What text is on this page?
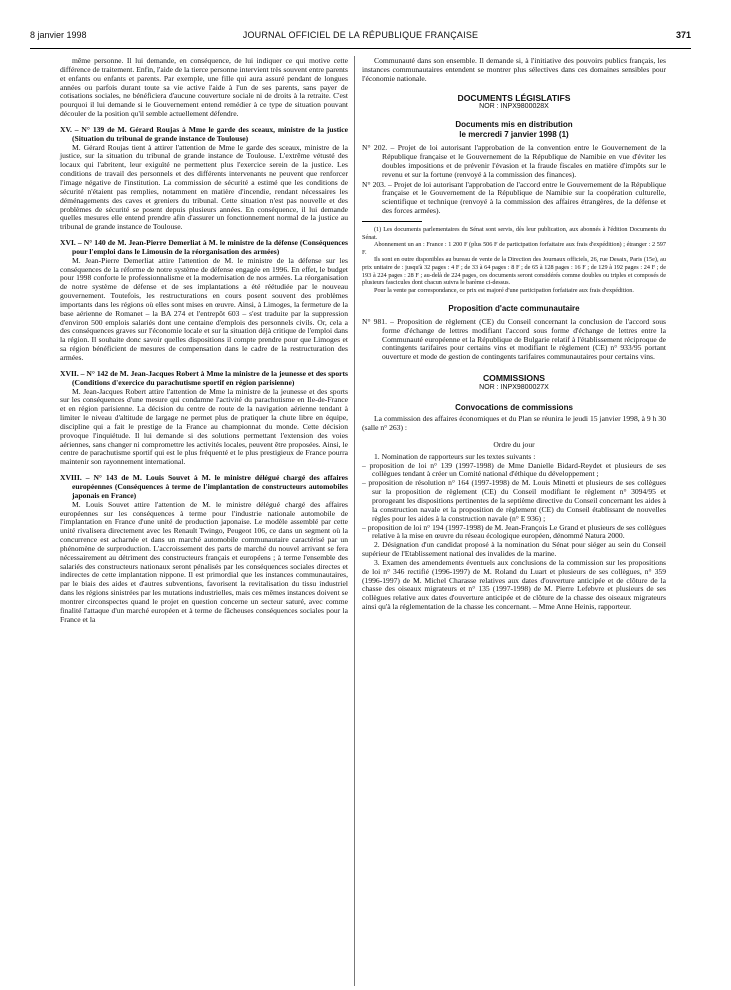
8 janvier 1998	JOURNAL OFFICIEL DE LA RÉPUBLIQUE FRANÇAISE	371

même personne. Il lui demande, en conséquence, de lui indiquer ce qui motive cette différence de traitement. Enfin, l'aide de la tierce personne intervient très souvent entre parents et enfants ou enfants et parents. Par exemple, une fille qui aura assuré pendant de longues années ou parfois durant toute sa vie active l'aide à l'un de ses parents, sans payer de cotisations sociales, ne bénéficiera d'aucune couverture sociale ni de droits à la retraite. C'est pourquoi il lui demande si le Gouvernement entend remédier à ce type de situation pouvant découler de la position qu'il semble actuellement défendre.

XV. – N° 139 de M. Gérard Roujas à Mme le garde des sceaux, ministre de la justice (Situation du tribunal de grande instance de Toulouse)

M. Gérard Roujas tient à attirer l'attention de Mme le garde des sceaux, ministre de la justice, sur la situation du tribunal de grande instance de Toulouse. L'extrême vétusté des locaux qui l'abritent, leur exiguïté ne permettent plus l'exercice serein de la justice. Les conditions de travail des personnels et des différents intervenants ne peuvent que renforcer l'image négative de l'institution. La commission de sécurité a estimé que les conditions de sécurité n'étaient pas remplies, notamment en matière d'incendie, rendant nécessaires les déménagements des caves et greniers du tribunal. Cette situation n'est pas nouvelle et des problèmes de sécurité se posent depuis plusieurs années. En conséquence, il lui demande quelles mesures elle entend prendre afin d'assurer un fonctionnement normal de la justice au tribunal de grande instance de Toulouse.

XVI. – N° 140 de M. Jean-Pierre Demerliat à M. le ministre de la défense (Conséquences pour l'emploi dans le Limousin de la réorganisation des armées)

M. Jean-Pierre Demerliat attire l'attention de M. le ministre de la défense sur les conséquences de la réforme de notre système de défense engagée en 1996. En effet, le budget pour 1998 conforte le professionnalisme et la modernisation de nos armées. La réorganisation de notre système de défense et de ses implantations a été réétudiée par le nouveau gouvernement. Toutefois, les restructurations en cours posent souvent des problèmes importants dans les régions où elles sont mises en œuvre. Ainsi, à Limoges, la fermeture de la base aérienne de Romanet – la BA 274 et l'entrepôt 603 – s'est traduite par la suppression d'environ 500 emplois salariés dont une centaine d'emplois des personnels civils. Or, cela a des conséquences graves sur l'économie locale et sur la situation déjà critique de l'emploi dans la région. Il souhaite donc savoir quelles dispositions il compte prendre pour que Limoges et sa région bénéficient de mesures de compensation dans le cadre de la restructuration des armées.

XVII. – N° 142 de M. Jean-Jacques Robert à Mme la ministre de la jeunesse et des sports (Conditions d'exercice du parachutisme sportif en région parisienne)

M. Jean-Jacques Robert attire l'attention de Mme la ministre de la jeunesse et des sports sur les conséquences d'une mesure qui condamne l'activité du parachutisme en Ile-de-France et en région parisienne. La décision du centre de route de la navigation aérienne tendant à limiter le niveau d'altitude de largage ne permet plus de pratiquer la chute libre en équipe, discipline qui a fait le prestige de la France au championnat du monde. Cette décision provoque l'inquiétude. Il lui demande si des solutions permettant l'extension des voies aériennes, sans changer ni compromettre les activités locales, peuvent être proposées. Ainsi, le centre de parachutisme sportif qui est le plus fréquenté et le plus prestigieux de France pourra maintenir son rayonnement international.

XVIII. – N° 143 de M. Louis Souvet à M. le ministre délégué chargé des affaires européennes (Conséquences à terme de l'implantation de constructeurs automobiles japonais en France)

M. Louis Souvet attire l'attention de M. le ministre délégué chargé des affaires européennes sur les conséquences à terme pour l'industrie nationale automobile de l'implantation en France d'une unité de production japonaise. Le modèle assemblé par cette unité rivalisera directement avec les Renault Twingo, Peugeot 106, ce dans un segment où la concurrence est acharnée et dans un marché automobile communautaire caractérisé par un phénomène de surproduction. L'accroissement des parts de marché du nouvel arrivant se fera nécessairement au détriment des constructeurs français et européens ; à terme l'ensemble des salariés des constructeurs nationaux seront pénalisés par les conséquences sociales directes et indirectes de cette implantation nippone. Il est primordial que les instances communautaires, par le biais des aides et d'autres subventions, favorisent la revitalisation du tissu industriel dans les régions sinistrées par les mutations industrielles, mais ces mêmes instances doivent se montrer circonspectes quand le projet en question concerne un secteur saturé, avec comme finalité l'attaque d'un marché européen et à terme de fâcheuses conséquences sociales pour la France et la

Communauté dans son ensemble. Il demande si, à l'initiative des pouvoirs publics français, les instances communautaires entendent se montrer plus sélectives dans ces domaines sensibles pour l'économie nationale.

DOCUMENTS LÉGISLATIFS
NOR : INPX9800028X
Documents mis en distribution
le mercredi 7 janvier 1998 (1)

N° 202. – Projet de loi autorisant l'approbation de la convention entre le Gouvernement de la République française et le Gouvernement de la République de Namibie en vue d'éviter les doubles impositions et de prévenir l'évasion et la fraude fiscales en matière d'impôts sur le revenu et sur la fortune (renvoyé à la commission des finances).

N° 203. – Projet de loi autorisant l'approbation de l'accord entre le Gouvernement de la République française et le Gouvernement de la République de Namibie sur la coopération culturelle, scientifique et technique (renvoyé à la commission des affaires étrangères, de la défense et des forces armées).

(1) Les documents parlementaires du Sénat sont servis, dès leur publication, aux abonnés à l'édition Documents du Sénat.

Abonnement un an : France : 1 200 F (plus 506 F de participation forfaitaire aux frais d'expédition) ; étranger : 2 597 F.

Ils sont en outre disponibles au bureau de vente de la Direction des Journaux officiels, 26, rue Desaix, Paris (15e), au prix unitaire de : jusqu'à 32 pages : 4 F ; de 33 à 64 pages : 8 F ; de 65 à 128 pages : 16 F ; de 129 à 192 pages : 24 F ; de 193 à 224 pages : 28 F ; au-delà de 224 pages, ces documents seront considérés comme doubles ou triples et composés de plusieurs fascicules dont chacun suivra le barème ci-dessus.

Pour la vente par correspondance, ce prix est majoré d'une participation forfaitaire aux frais d'expédition.

Proposition d'acte communautaire

N° 981. – Proposition de règlement (CE) du Conseil concernant la conclusion de l'accord sous forme d'échange de lettres modifiant l'accord sous forme d'échange de lettres entre la Communauté européenne et la République de Bulgarie relatif à l'établissement réciproque de contingents tarifaires pour certains vins et modifiant le règlement (CE) n° 933/95 portant ouverture et mode de gestion de contingents tarifaires communautaires pour certains vins.

COMMISSIONS
NOR : INPX9800027X
Convocations de commissions

La commission des affaires économiques et du Plan se réunira le jeudi 15 janvier 1998, à 9 h 30 (salle n° 263) :

Ordre du jour

1. Nomination de rapporteurs sur les textes suivants :

– proposition de loi n° 139 (1997-1998) de Mme Danielle Bidard-Reydet et plusieurs de ses collègues tendant à créer un Comité national d'éthique du développement ;

– proposition de résolution n° 164 (1997-1998) de M. Louis Minetti et plusieurs de ses collègues sur la proposition de règlement (CE) du Conseil modifiant le règlement n° 3094/95 et prorogeant les dispositions pertinentes de la septième directive du Conseil concernant les aides à la construction navale et la proposition de règlement (CE) du Conseil établissant de nouvelles règles pour les aides à la construction navale (n° E 936) ;

– proposition de loi n° 194 (1997-1998) de M. Jean-François Le Grand et plusieurs de ses collègues relative à la mise en œuvre du réseau écologique européen, dénommé Natura 2000.

2. Désignation d'un candidat proposé à la nomination du Sénat pour siéger au sein du Conseil supérieur de l'Etablissement national des invalides de la marine.

3. Examen des amendements éventuels aux conclusions de la commission sur les propositions de loi n° 346 rectifié (1996-1997) de M. Roland du Luart et plusieurs de ses collègues, n° 359 (1996-1997) de M. Michel Charasse relatives aux dates d'ouverture anticipée et de clôture de la chasse des oiseaux migrateurs et n° 135 (1997-1998) de M. Pierre Lefebvre et plusieurs de ses collègues relative aux dates d'ouverture anticipée et de clôture de la chasse des oiseaux migrateurs ainsi qu'à la réglementation de la chasse les concernant. – Mme Anne Heinis, rapporteur.
